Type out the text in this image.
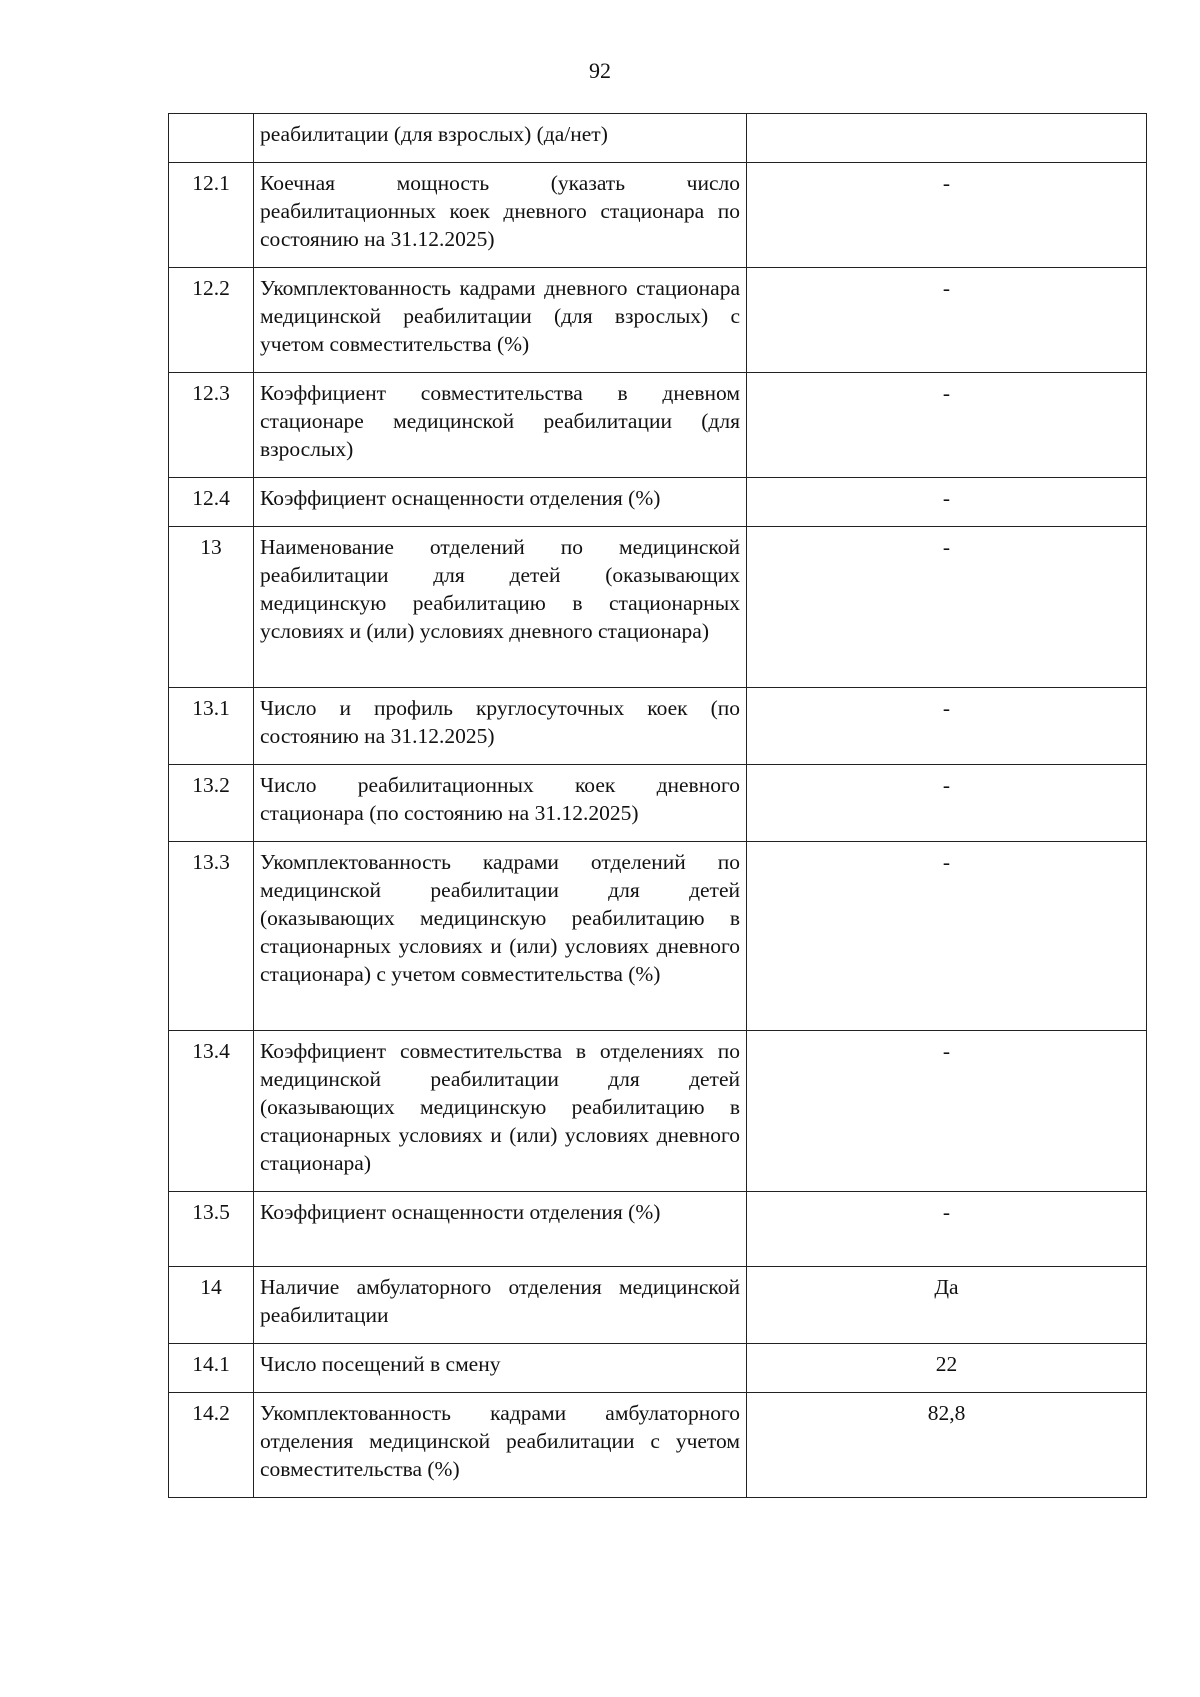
92
	реабилитации (для взрослых) (да/нет)	
12.1	Коечная мощность (указать число реабилитационных коек дневного стационара по состоянию на 31.12.2025)	-
12.2	Укомплектованность кадрами дневного стационара медицинской реабилитации (для взрослых) с учетом совместительства (%)	-
12.3	Коэффициент совместительства в дневном стационаре медицинской реабилитации (для взрослых)	-
12.4	Коэффициент оснащенности отделения (%)	-
13	Наименование отделений по медицинской реабилитации для детей (оказывающих медицинскую реабилитацию в стационарных условиях и (или) условиях дневного стационара)	-
13.1	Число и профиль круглосуточных коек (по состоянию на 31.12.2025)	-
13.2	Число реабилитационных коек дневного стационара (по состоянию на 31.12.2025)	-
13.3	Укомплектованность кадрами отделений по медицинской реабилитации для детей (оказывающих медицинскую реабилитацию в стационарных условиях и (или) условиях дневного стационара) с учетом совместительства (%)	-
13.4	Коэффициент совместительства в отделениях по медицинской реабилитации для детей (оказывающих медицинскую реабилитацию в стационарных условиях и (или) условиях дневного стационара)	-
13.5	Коэффициент оснащенности отделения (%)	-
14	Наличие амбулаторного отделения медицинской реабилитации	Да
14.1	Число посещений в смену	22
14.2	Укомплектованность кадрами амбулаторного отделения медицинской реабилитации с учетом совместительства (%)	82,8
